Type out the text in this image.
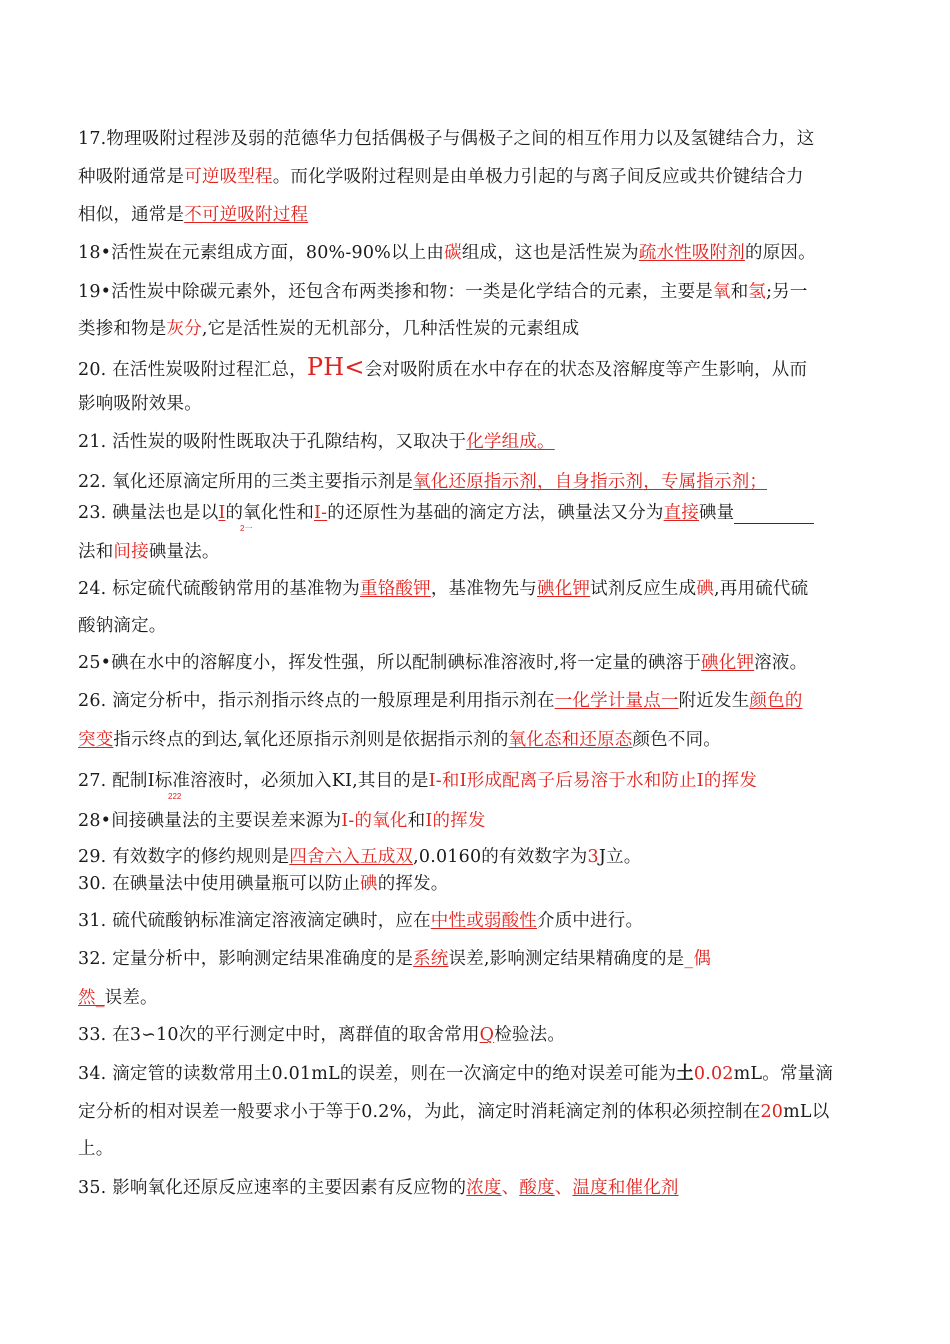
17.物理吸附过程涉及弱的范德华力包括偶极子与偶极子之间的相互作用力以及氢键结合力，这
种吸附通常是可逆吸型程。而化学吸附过程则是由单极力引起的与离子间反应或共价键结合力
相似，通常是不可逆吸附过程
18•活性炭在元素组成方面，80%-90%以上由碳组成，这也是活性炭为疏水性吸附剂的原因。
19•活性炭中除碳元素外，还包含布两类掺和物：一类是化学结合的元素，主要是氧和氢;另一
类掺和物是灰分,它是活性炭的无机部分，几种活性炭的元素组成
20. 在活性炭吸附过程汇总，PH<会对吸附质在水中存在的状态及溶解度等产生影响，从而
影响吸附效果。
21. 活性炭的吸附性既取决于孔隙结构，又取决于化学组成。
22. 氧化还原滴定所用的三类主要指示剂是氧化还原指示剂，自身指示剂，专属指示剂；
23. 碘量法也是以I的氧化性和I-的还原性为基础的滴定方法，碘量法又分为直接碘量
2一
法和间接碘量法。
24. 标定硫代硫酸钠常用的基准物为重铬酸钾，基准物先与碘化钾试剂反应生成碘,再用硫代硫
酸钠滴定。
25•碘在水中的溶解度小，挥发性强，所以配制碘标准溶液时,将一定量的碘溶于碘化钾溶液。
26. 滴定分析中，指示剂指示终点的一般原理是利用指示剂在一化学计量点一附近发生颜色的
突变指示终点的到达,氧化还原指示剂则是依据指示剂的氧化态和还原态颜色不同。
27. 配制I标准溶液时，必须加入KI,其目的是I-和I形成配离子后易溶于水和防止I的挥发
222
28•间接碘量法的主要误差来源为I-的氧化和I的挥发
29. 有效数字的修约规则是四舍六入五成双,0.0160的有效数字为3J立。
30. 在碘量法中使用碘量瓶可以防止碘的挥发。
31. 硫代硫酸钠标准滴定溶液滴定碘时，应在中性或弱酸性介质中进行。
32. 定量分析中，影响测定结果准确度的是系统误差,影响测定结果精确度的是_偶
然_误差。
33. 在3∽10次的平行测定中时，离群值的取舍常用Q检验法。
34. 滴定管的读数常用土0.01mL的误差，则在一次滴定中的绝对误差可能为土0.02mL。常量滴
定分析的相对误差一般要求小于等于0.2%，为此，滴定时消耗滴定剂的体积必须控制在20mL以
上。
35. 影响氧化还原反应速率的主要因素有反应物的浓度、酸度、温度和催化剂
